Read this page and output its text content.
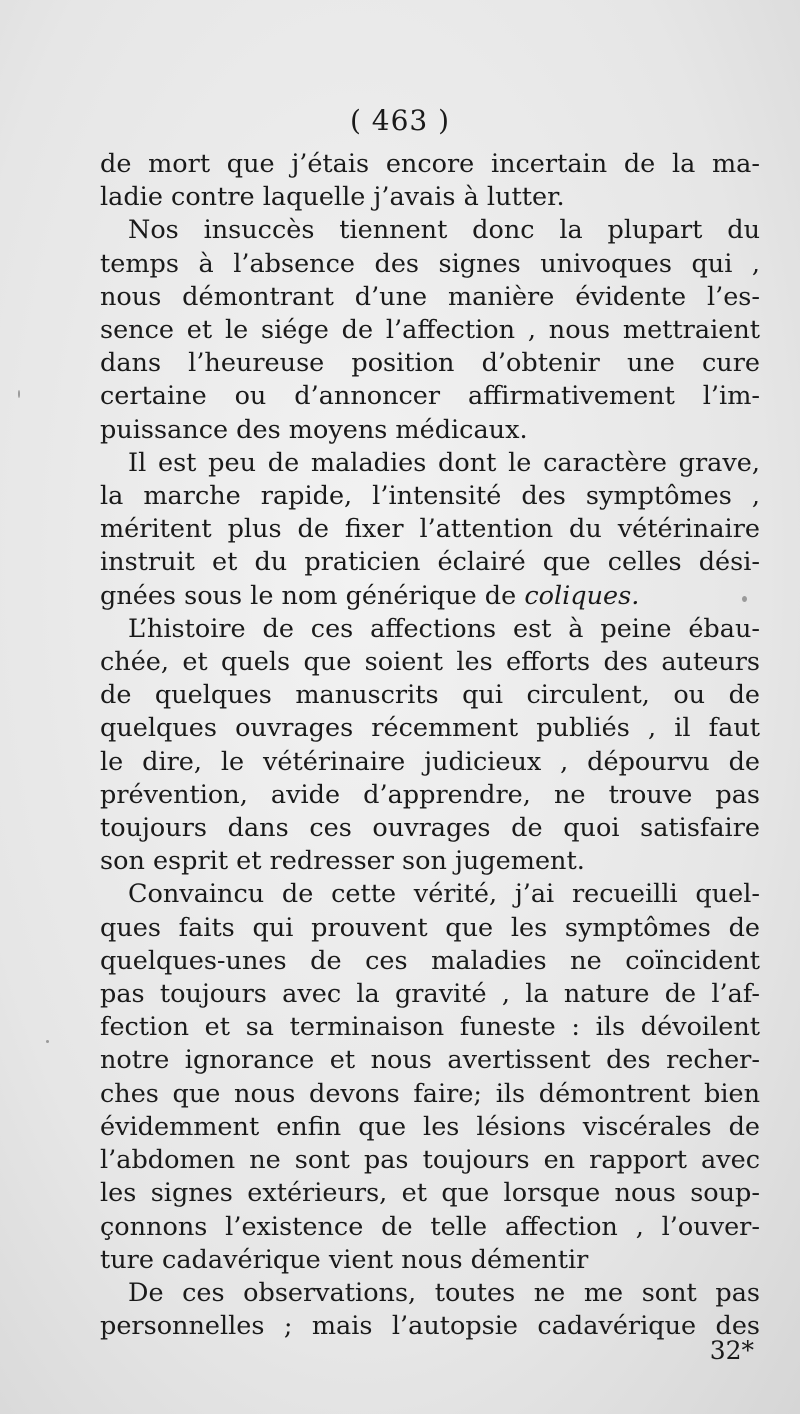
( 463 )
de mort que j’étais encore incertain de la ma-
ladie contre laquelle j’avais à lutter.
Nos insuccès tiennent donc la plupart du
temps à l’absence des signes univoques qui ,
nous démontrant d’une manière évidente l’es-
sence et le siége de l’affection , nous mettraient
dans l’heureuse position d’obtenir une cure
certaine ou d’annoncer affirmativement l’im-
puissance des moyens médicaux.
Il est peu de maladies dont le caractère grave,
la marche rapide, l’intensité des symptômes ,
méritent plus de fixer l’attention du vétérinaire
instruit et du praticien éclairé que celles dési-
gnées sous le nom générique de coliques.
L’histoire de ces affections est à peine ébau-
chée, et quels que soient les efforts des auteurs
de quelques manuscrits qui circulent, ou de
quelques ouvrages récemment publiés , il faut
le dire, le vétérinaire judicieux , dépourvu de
prévention, avide d’apprendre, ne trouve pas
toujours dans ces ouvrages de quoi satisfaire
son esprit et redresser son jugement.
Convaincu de cette vérité, j’ai recueilli quel-
ques faits qui prouvent que les symptômes de
quelques-unes de ces maladies ne coïncident
pas toujours avec la gravité , la nature de l’af-
fection et sa terminaison funeste : ils dévoilent
notre ignorance et nous avertissent des recher-
ches que nous devons faire; ils démontrent bien
évidemment enfin que les lésions viscérales de
l’abdomen ne sont pas toujours en rapport avec
les signes extérieurs, et que lorsque nous soup-
çonnons l’existence de telle affection , l’ouver-
ture cadavérique vient nous démentir
De ces observations, toutes ne me sont pas
personnelles ; mais l’autopsie cadavérique des
32*
